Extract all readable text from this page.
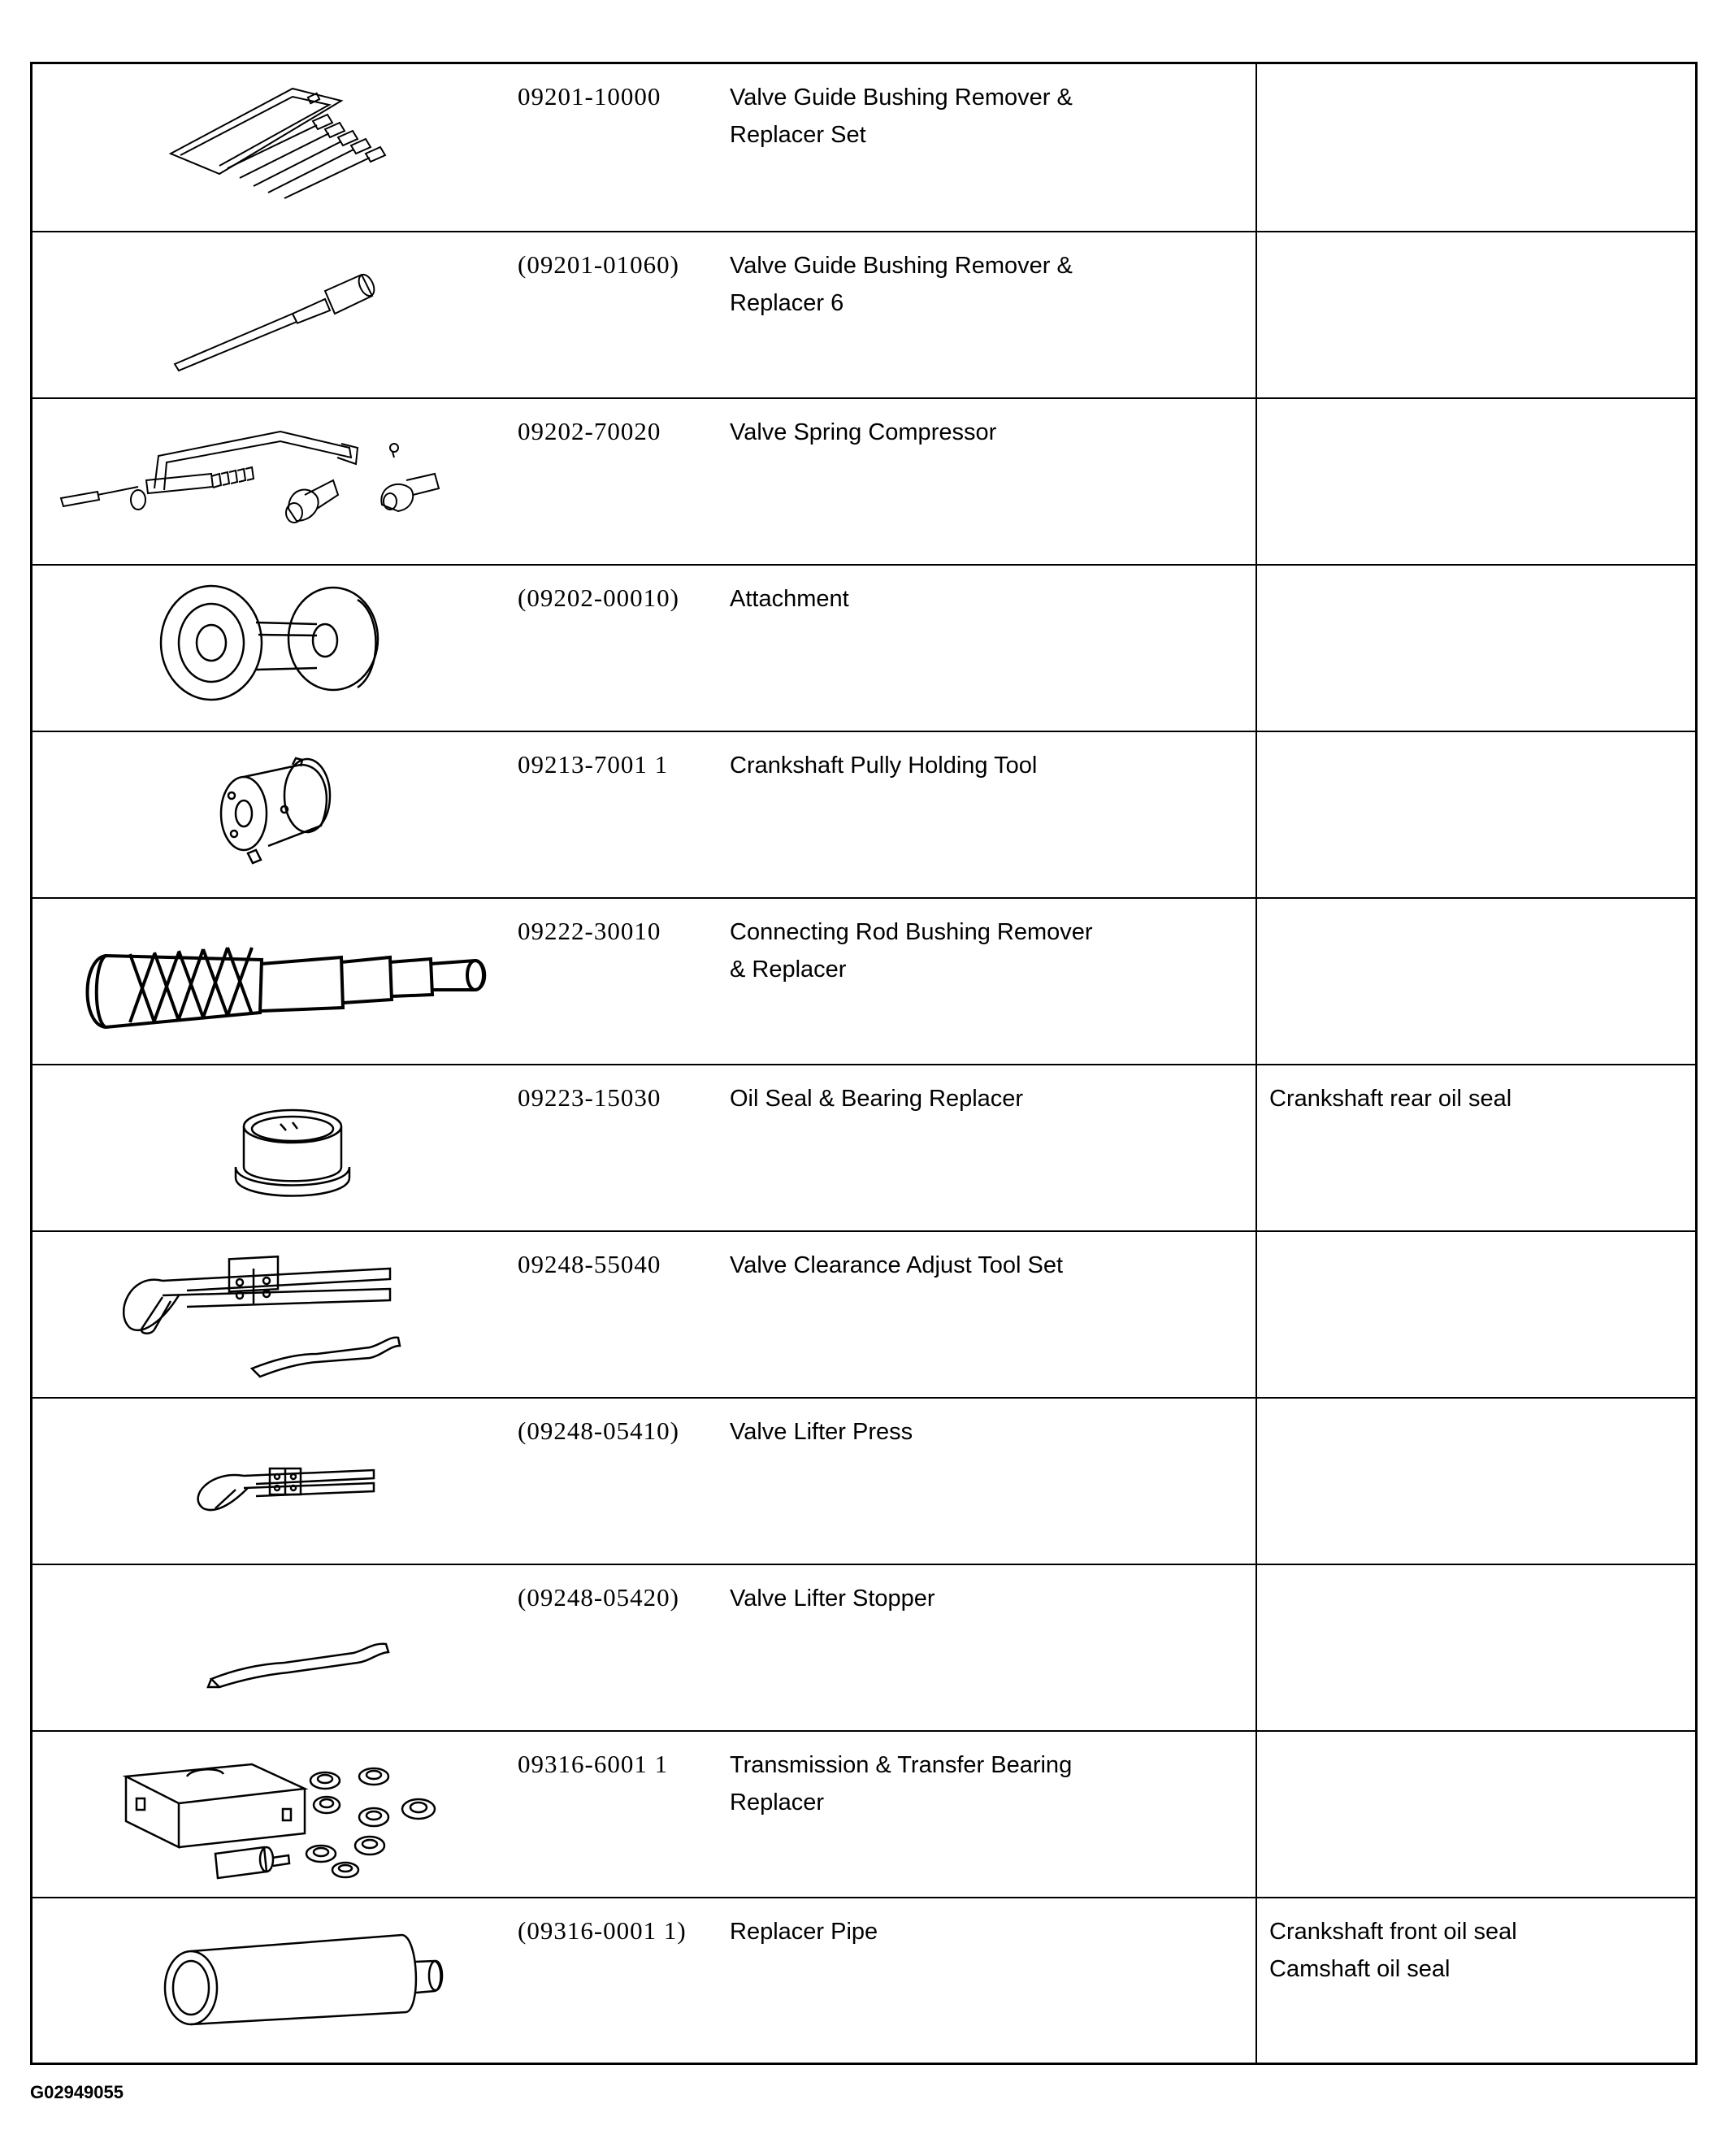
09201-10000	Valve Guide Bushing Remover &
Replacer Set
(09201-01060)	Valve Guide Bushing Remover &
Replacer 6
09202-70020	Valve Spring Compressor
(09202-00010)	Attachment
09213-7001 1	Crankshaft Pully Holding Tool
09222-30010	Connecting Rod Bushing Remover
& Replacer
09223-15030	Oil Seal & Bearing Replacer	Crankshaft rear oil seal
09248-55040	Valve Clearance Adjust Tool Set
(09248-05410)	Valve Lifter Press
(09248-05420)	Valve Lifter Stopper
09316-6001 1	Transmission & Transfer Bearing
Replacer
(09316-0001 1)	Replacer Pipe	Crankshaft front oil seal
Camshaft oil seal
G02949055
